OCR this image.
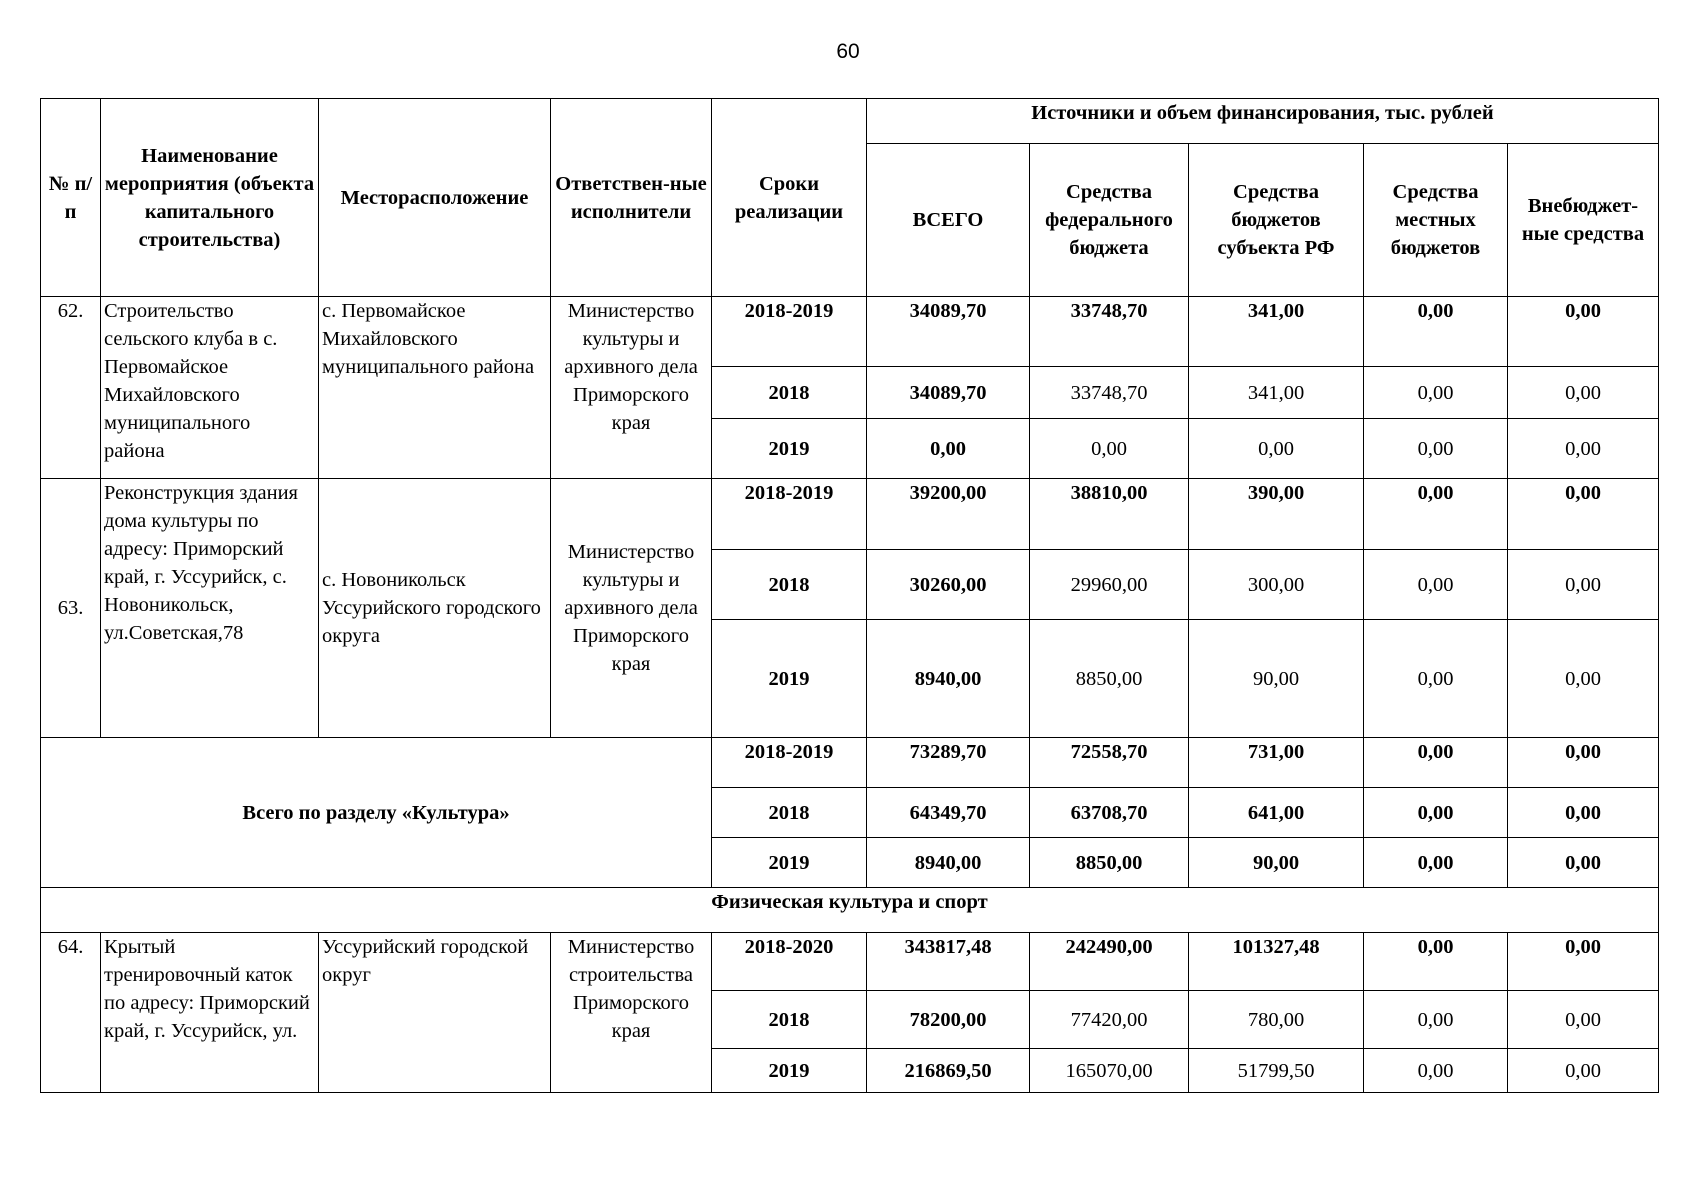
60
№ п/п	Наименование мероприятия (объекта капитального строительства)	Месторасположение	Ответствен-ные исполнители	Сроки реализации	Источники и объем финансирования, тыс. рублей				
					ВСЕГО	Средства федерального бюджета	Средства бюджетов субъекта РФ	Средства местных бюджетов	Внебюджет-ные средства
62.	Строительство сельского клуба в с. Первомайское Михайловского муниципального района	с. Первомайское Михайловского муниципального района	Министерство культуры и архивного дела Приморского края	2018-2019	34089,70	33748,70	341,00	0,00	0,00
				2018	34089,70	33748,70	341,00	0,00	0,00
				2019	0,00	0,00	0,00	0,00	0,00
63.	Реконструкция здания дома культуры по адресу: Приморский край, г. Уссурийск, с. Новоникольск, ул.Советская,78	с. Новоникольск Уссурийского городского округа	Министерство культуры и архивного дела Приморского края	2018-2019	39200,00	38810,00	390,00	0,00	0,00
				2018	30260,00	29960,00	300,00	0,00	0,00
				2019	8940,00	8850,00	90,00	0,00	0,00
Всего по разделу «Культура»				2018-2019	73289,70	72558,70	731,00	0,00	0,00
				2018	64349,70	63708,70	641,00	0,00	0,00
				2019	8940,00	8850,00	90,00	0,00	0,00
Физическая культура и спорт									
64.	Крытый тренировочный каток по адресу: Приморский край, г. Уссурийск, ул.	Уссурийский городской округ	Министерство строительства Приморского края	2018-2020	343817,48	242490,00	101327,48	0,00	0,00
				2018	78200,00	77420,00	780,00	0,00	0,00
				2019	216869,50	165070,00	51799,50	0,00	0,00
